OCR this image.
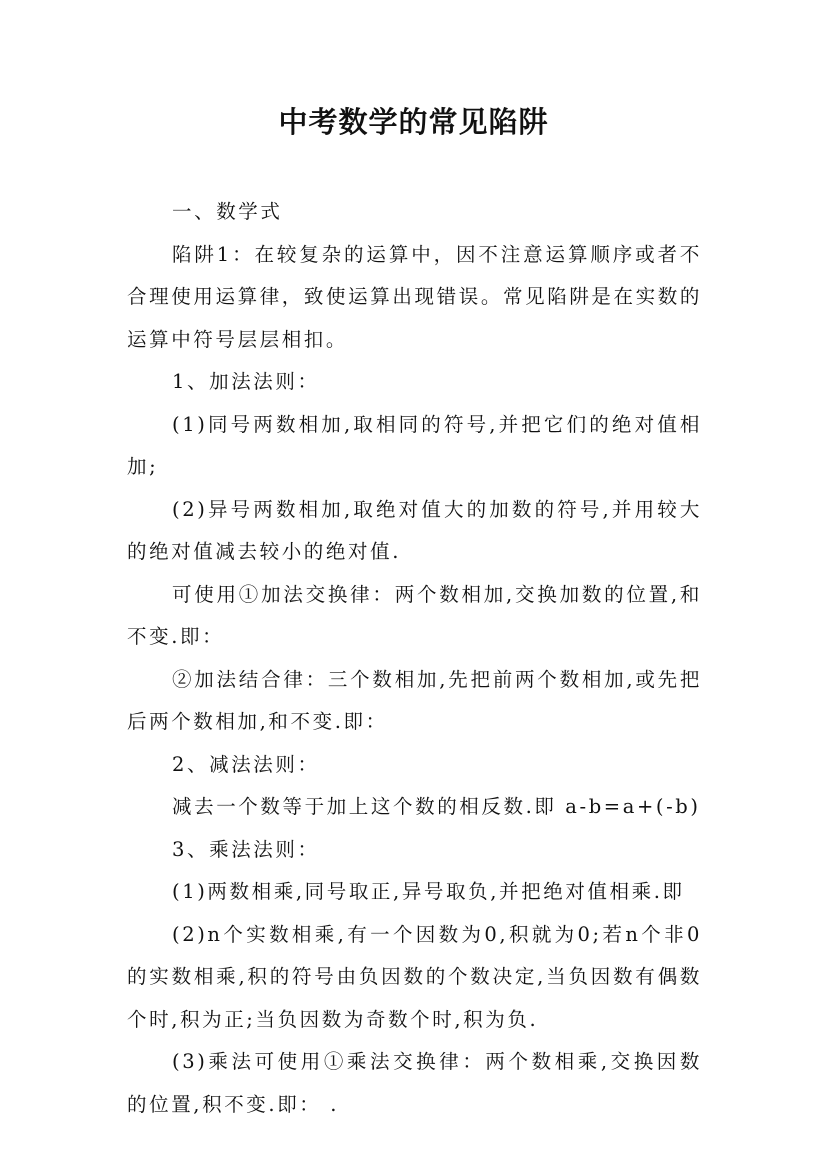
中考数学的常见陷阱

一、数学式

陷阱1：在较复杂的运算中，因不注意运算顺序或者不合理使用运算律，致使运算出现错误。常见陷阱是在实数的运算中符号层层相扣。

1、加法法则：

(1)同号两数相加,取相同的符号,并把它们的绝对值相加;

(2)异号两数相加,取绝对值大的加数的符号,并用较大的绝对值减去较小的绝对值.

可使用①加法交换律：两个数相加,交换加数的位置,和不变.即：

②加法结合律：三个数相加,先把前两个数相加,或先把后两个数相加,和不变.即：

2、减法法则：

减去一个数等于加上这个数的相反数.即 a-b=a+(-b)

3、乘法法则：

(1)两数相乘,同号取正,异号取负,并把绝对值相乘.即

(2)n个实数相乘,有一个因数为0,积就为0;若n个非0的实数相乘,积的符号由负因数的个数决定,当负因数有偶数个时,积为正;当负因数为奇数个时,积为负.

(3)乘法可使用①乘法交换律：两个数相乘,交换因数的位置,积不变.即： .
